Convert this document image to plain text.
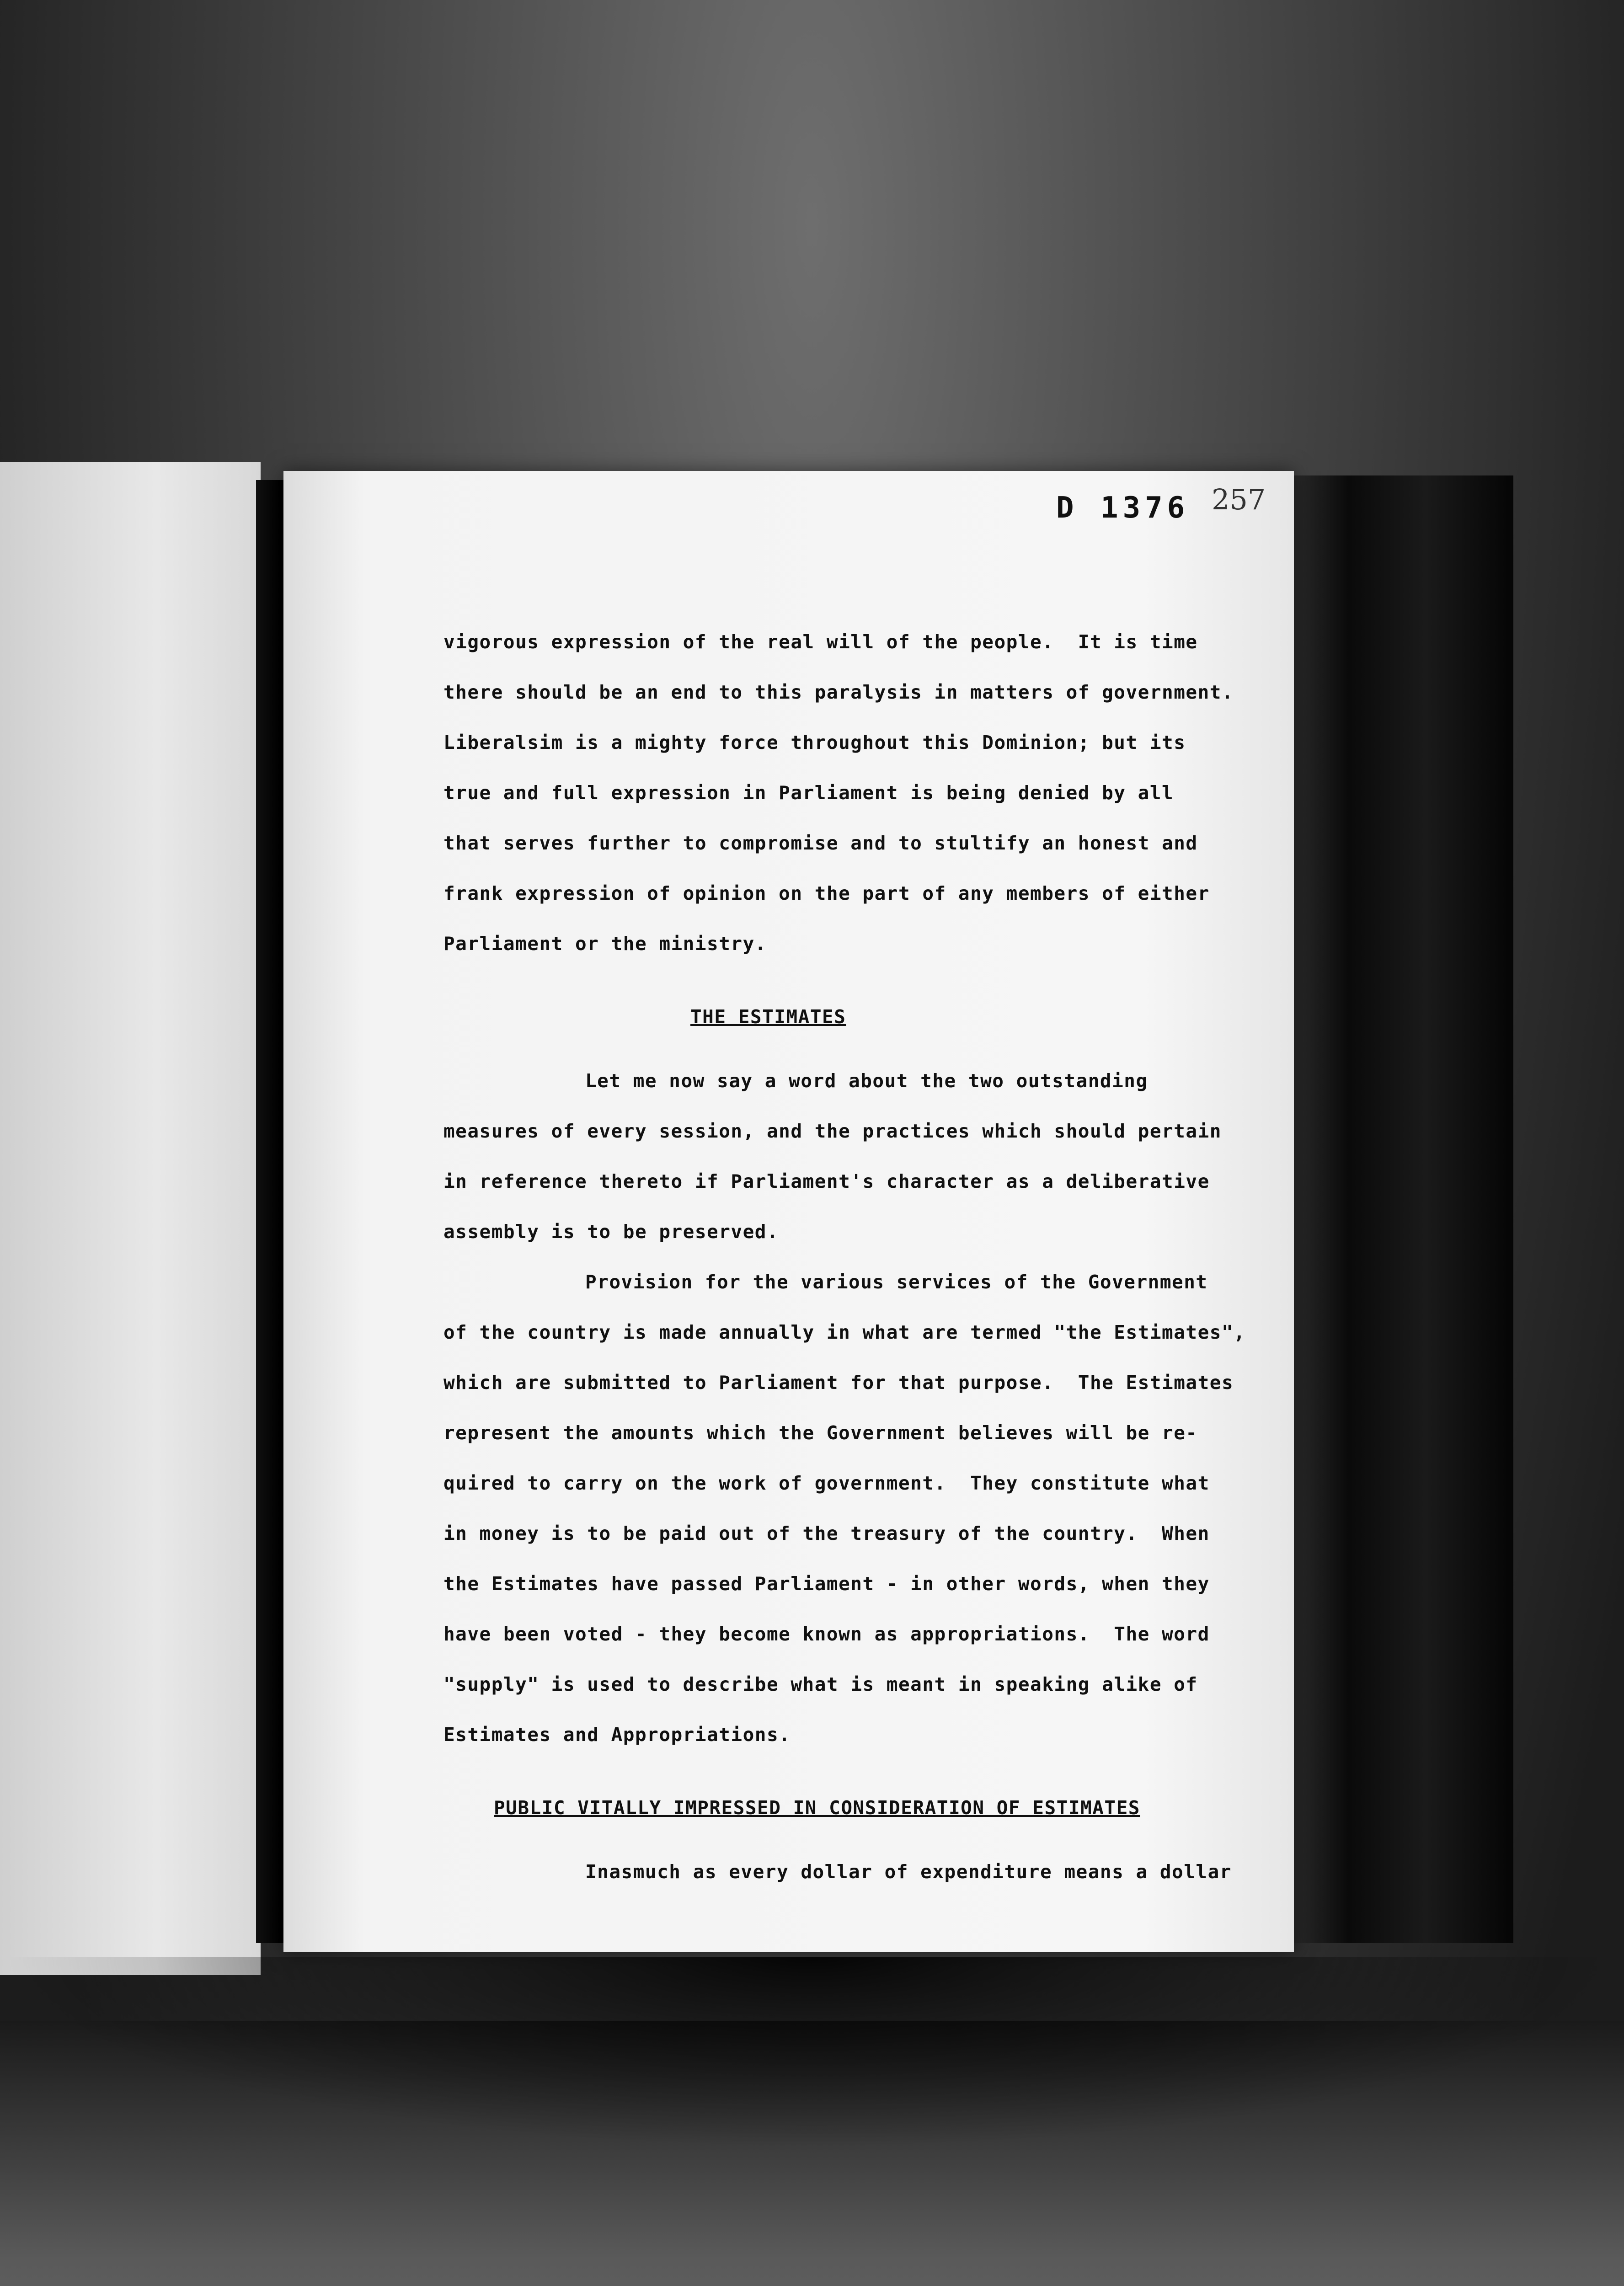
D 1376 257
vigorous expression of the real will of the people.  It is time
there should be an end to this paralysis in matters of government.
Liberalsim is a mighty force throughout this Dominion; but its
true and full expression in Parliament is being denied by all
that serves further to compromise and to stultify an honest and
frank expression of opinion on the part of any members of either
Parliament or the ministry.
THE ESTIMATES
Let me now say a word about the two outstanding
measures of every session, and the practices which should pertain
in reference thereto if Parliament's character as a deliberative
assembly is to be preserved.
Provision for the various services of the Government
of the country is made annually in what are termed "the Estimates",
which are submitted to Parliament for that purpose.  The Estimates
represent the amounts which the Government believes will be re-
quired to carry on the work of government.  They constitute what
in money is to be paid out of the treasury of the country.  When
the Estimates have passed Parliament - in other words, when they
have been voted - they become known as appropriations.  The word
"supply" is used to describe what is meant in speaking alike of
Estimates and Appropriations.
PUBLIC VITALLY IMPRESSED IN CONSIDERATION OF ESTIMATES
Inasmuch as every dollar of expenditure means a dollar
